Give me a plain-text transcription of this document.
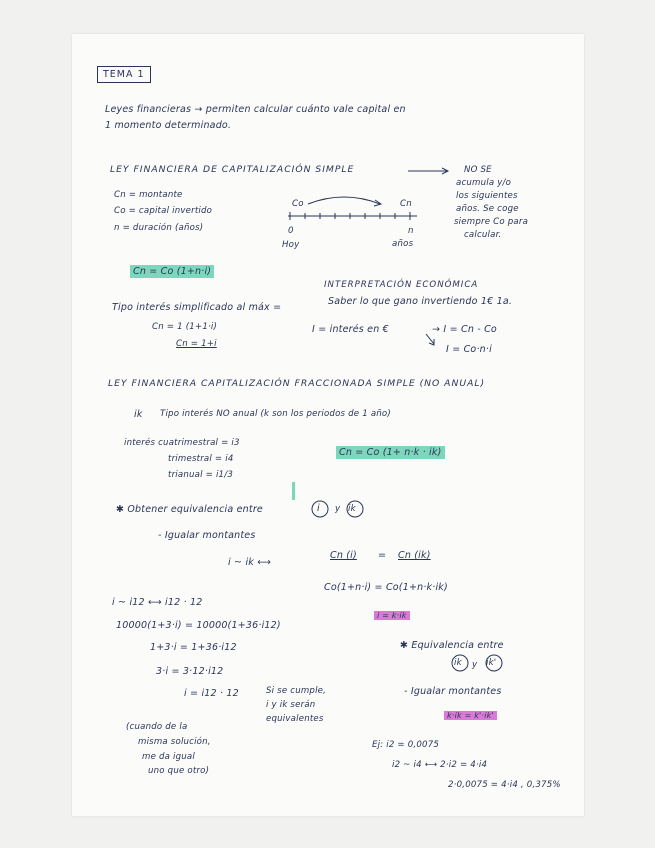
TEMA 1
Leyes financieras → permiten calcular cuánto vale capital en
1 momento determinado.
LEY FINANCIERA DE CAPITALIZACIÓN SIMPLE	NO SE
acumula y/o
los siguientes
años. Se coge
siempre Co para
calcular.
Cn = montante
Co = capital invertido
n = duración (años)
Co	Cn
0	n
Hoy	años
Cn = Co (1+n·i)
INTERPRETACIÓN ECONÓMICA
Tipo interés simplificado al máx =
Saber lo que gano invertiendo 1€ 1a.
Cn = 1 (1+1·i)
Cn = 1+i
I = interés en €	→ I = Cn - Co
I = Co·n·i
LEY FINANCIERA CAPITALIZACIÓN FRACCIONADA SIMPLE (NO ANUAL)
ik Tipo interés NO anual (k son los periodos de 1 año)
interés cuatrimestral = i3
trimestral = i4
trianual = i1/3
Cn = Co (1+ n·k · ik)
✱ Obtener equivalencia entre	i y ik
- Igualar montantes
i ~ ik ⟷
Cn (i) = Cn (ik)
Co(1+n·i) = Co(1+n·k·ik)
i ~ i12 ⟷ i12 · 12
10000(1+3·i) = 10000(1+36·i12)
i = k·ik
1+3·i = 1+36·i12
3·i = 3·12·i12
i = i12 · 12	Si se cumple,
i y ik serán
equivalentes
(cuando de la
misma solución,
me da igual
uno que otro)
✱ Equivalencia entre
ik y ik'
- Igualar montantes
k·ik = k'·ik'
Ej: i2 = 0,0075
i2 ~ i4 ⟷ 2·i2 = 4·i4
2·0,0075 = 4·i4 , 0,375%
